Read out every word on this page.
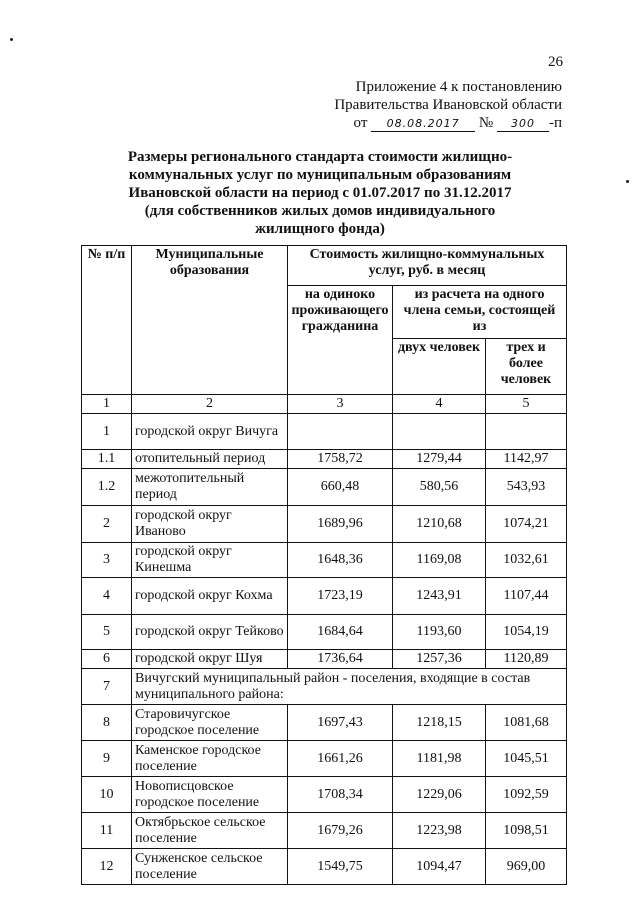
26
Приложение 4 к постановлению
Правительства Ивановской области
от 08.08.2017 № 300 -п
Размеры регионального стандарта стоимости жилищно-
коммунальных услуг по муниципальным образованиям
Ивановской области на период с 01.07.2017 по 31.12.2017
(для собственников жилых домов индивидуального
жилищного фонда)
№ п/п	Муниципальные образования	Стоимость жилищно-коммунальных услуг, руб. в месяц		
		на одиноко проживающего гражданина	из расчета на одного члена семьи, состоящей из	
			двух человек	трех и более человек
1	2	3	4	5
1	городской округ Вичуга			
1.1	отопительный период	1758,72	1279,44	1142,97
1.2	межотопительный период	660,48	580,56	543,93
2	городской округ Иваново	1689,96	1210,68	1074,21
3	городской округ Кинешма	1648,36	1169,08	1032,61
4	городской округ Кохма	1723,19	1243,91	1107,44
5	городской округ Тейково	1684,64	1193,60	1054,19
6	городской округ Шуя	1736,64	1257,36	1120,89
7	Вичугский муниципальный район - поселения, входящие в состав муниципального района:			
8	Старовичугское городское поселение	1697,43	1218,15	1081,68
9	Каменское городское поселение	1661,26	1181,98	1045,51
10	Новописцовское городское поселение	1708,34	1229,06	1092,59
11	Октябрьское сельское поселение	1679,26	1223,98	1098,51
12	Сунженское сельское поселение	1549,75	1094,47	969,00
